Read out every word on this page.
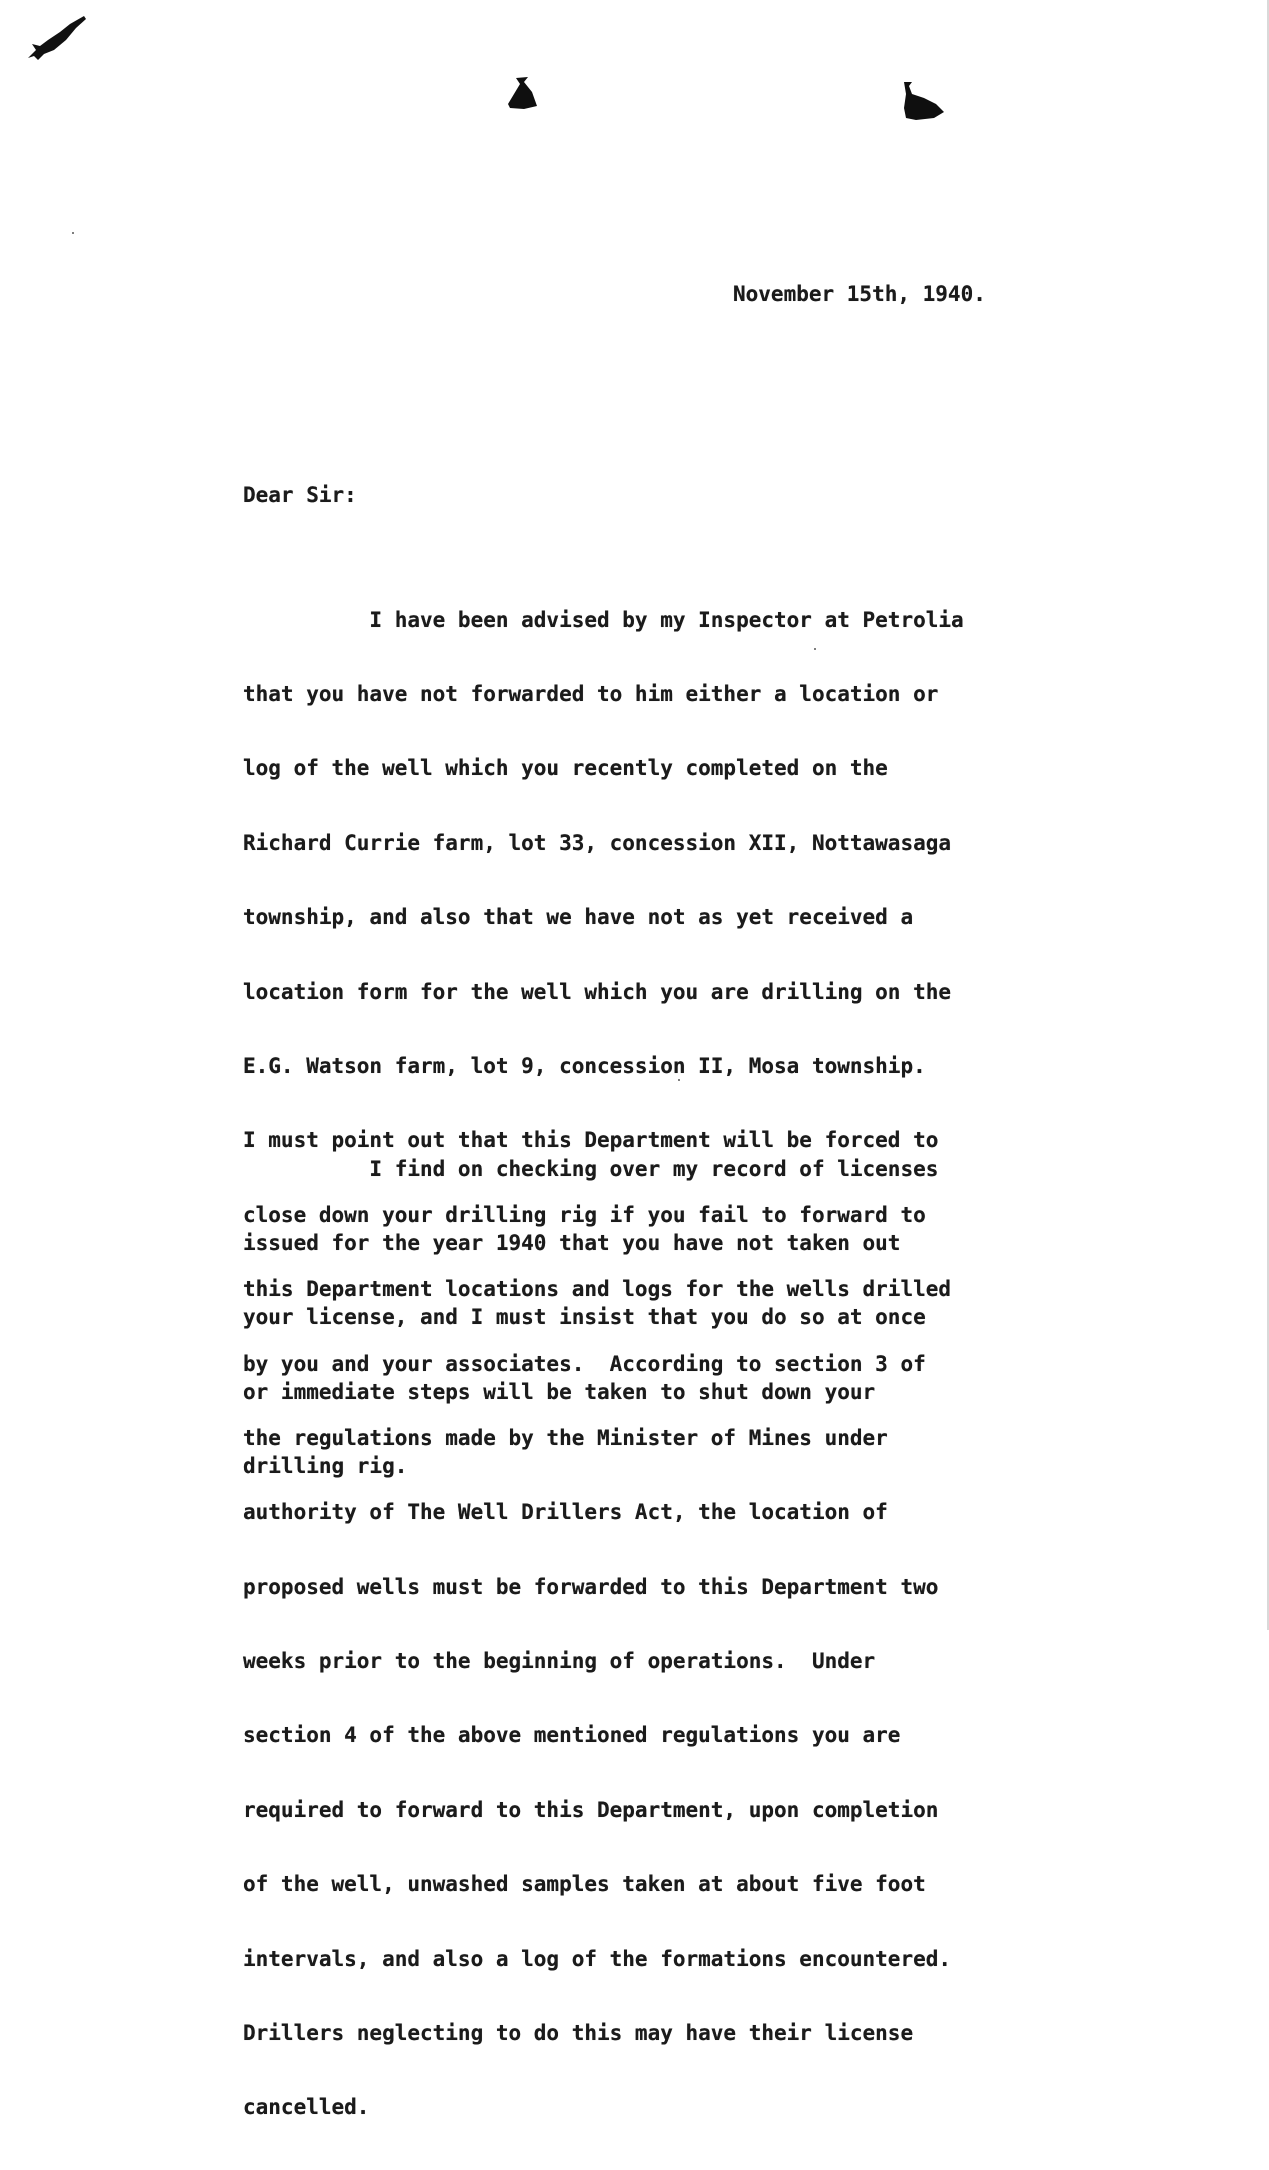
November 15th, 1940.
Dear Sir:

I have been advised by my Inspector at Petrolia

that you have not forwarded to him either a location or

log of the well which you recently completed on the

Richard Currie farm, lot 33, concession XII, Nottawasaga

township, and also that we have not as yet received a

location form for the well which you are drilling on the

E.G. Watson farm, lot 9, concession II, Mosa township.

I must point out that this Department will be forced to

close down your drilling rig if you fail to forward to

this Department locations and logs for the wells drilled

by you and your associates.  According to section 3 of

the regulations made by the Minister of Mines under

authority of The Well Drillers Act, the location of

proposed wells must be forwarded to this Department two

weeks prior to the beginning of operations.  Under

section 4 of the above mentioned regulations you are

required to forward to this Department, upon completion

of the well, unwashed samples taken at about five foot

intervals, and also a log of the formations encountered.

Drillers neglecting to do this may have their license

cancelled.

I find on checking over my record of licenses

issued for the year 1940 that you have not taken out

your license, and I must insist that you do so at once

or immediate steps will be taken to shut down your

drilling rig.
